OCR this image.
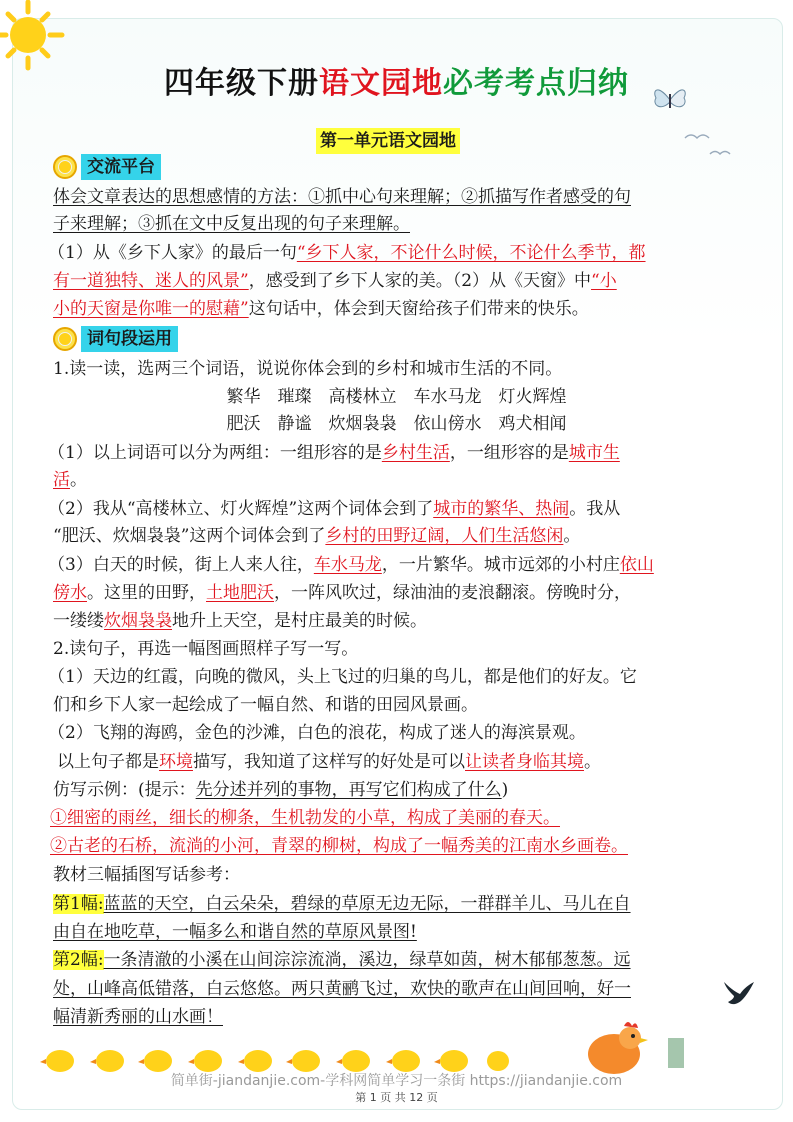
四年级下册语文园地必考考点归纳
第一单元语文园地
交流平台
体会文章表达的思想感情的方法：①抓中心句来理解；②抓描写作者感受的句
子来理解；③抓在文中反复出现的句子来理解。
（1）从《乡下人家》的最后一句“乡下人家，不论什么时候，不论什么季节，都
有一道独特、迷人的风景”，感受到了乡下人家的美。（2）从《天窗》中“小
小的天窗是你唯一的慰藉”这句话中，体会到天窗给孩子们带来的快乐。
词句段运用
1.读一读，选两三个词语，说说你体会到的乡村和城市生活的不同。
繁华　璀璨　高楼林立　车水马龙　灯火辉煌
肥沃　静谧　炊烟袅袅　依山傍水　鸡犬相闻
（1）以上词语可以分为两组：一组形容的是乡村生活，一组形容的是城市生
活。
（2）我从“高楼林立、灯火辉煌”这两个词体会到了城市的繁华、热闹。我从
“肥沃、炊烟袅袅”这两个词体会到了乡村的田野辽阔，人们生活悠闲。
（3）白天的时候，街上人来人往，车水马龙，一片繁华。城市远郊的小村庄依山
傍水。这里的田野，土地肥沃，一阵风吹过，绿油油的麦浪翻滚。傍晚时分，
一缕缕炊烟袅袅地升上天空，是村庄最美的时候。
2.读句子，再选一幅图画照样子写一写。
（1）天边的红霞，向晚的微风，头上飞过的归巢的鸟儿，都是他们的好友。它
们和乡下人家一起绘成了一幅自然、和谐的田园风景画。
（2）飞翔的海鸥，金色的沙滩，白色的浪花，构成了迷人的海滨景观。
以上句子都是环境描写，我知道了这样写的好处是可以让读者身临其境。
仿写示例：(提示：先分述并列的事物，再写它们构成了什么)
①细密的雨丝，细长的柳条，生机勃发的小草，构成了美丽的春天。
②古老的石桥，流淌的小河，青翠的柳树，构成了一幅秀美的江南水乡画卷。
教材三幅插图写话参考：
第1幅:蓝蓝的天空，白云朵朵，碧绿的草原无边无际，一群群羊儿、马儿在自
由自在地吃草，一幅多么和谐自然的草原风景图!
第2幅:一条清澈的小溪在山间淙淙流淌，溪边，绿草如茵，树木郁郁葱葱。远
处，山峰高低错落，白云悠悠。两只黄鹂飞过，欢快的歌声在山间回响，好一
幅清新秀丽的山水画！
简单街-jiandanjie.com-学科网简单学习一条街 https://jiandanjie.com
第 1 页 共 12 页
